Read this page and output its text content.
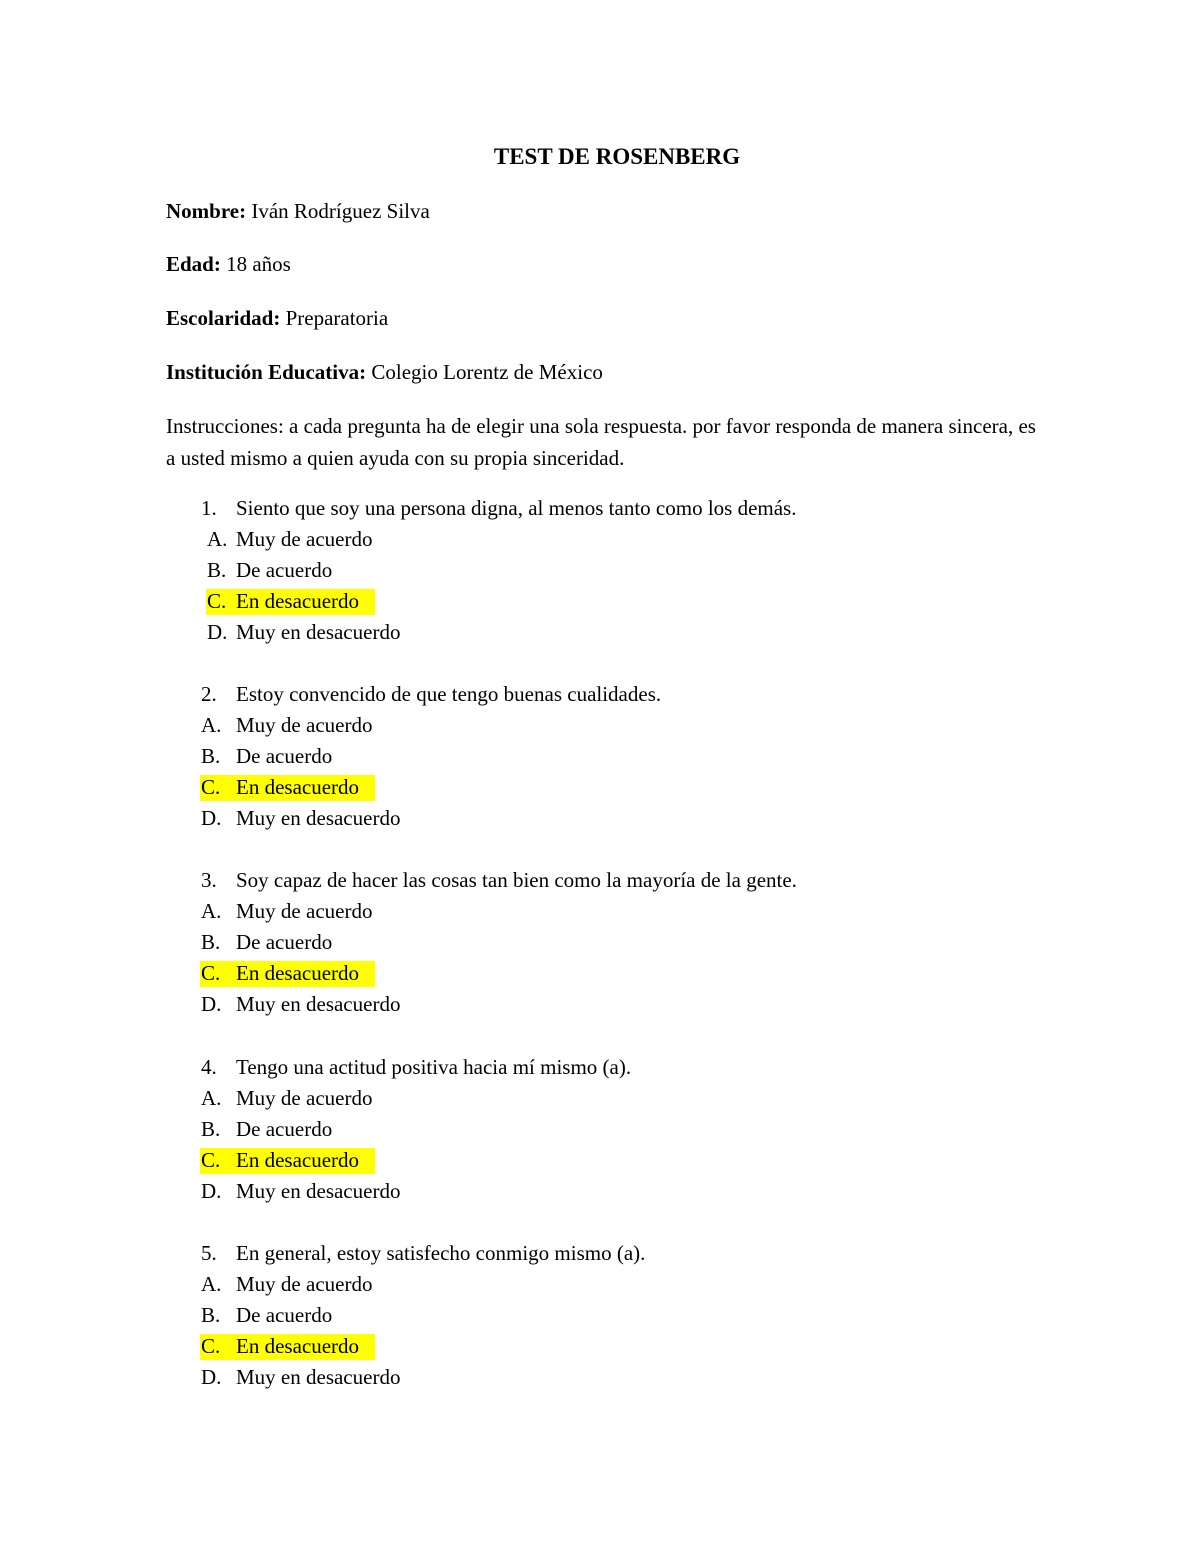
TEST DE ROSENBERG
Nombre: Iván Rodríguez Silva
Edad: 18 años
Escolaridad: Preparatoria
Institución Educativa: Colegio Lorentz de México
Instrucciones: a cada pregunta ha de elegir una sola respuesta. por favor responda de manera sincera, es a usted mismo a quien ayuda con su propia sinceridad.
1. Siento que soy una persona digna, al menos tanto como los demás.
A. Muy de acuerdo
B. De acuerdo
C. En desacuerdo
D. Muy en desacuerdo
2. Estoy convencido de que tengo buenas cualidades.
A. Muy de acuerdo
B. De acuerdo
C. En desacuerdo
D. Muy en desacuerdo
3. Soy capaz de hacer las cosas tan bien como la mayoría de la gente.
A. Muy de acuerdo
B. De acuerdo
C. En desacuerdo
D. Muy en desacuerdo
4. Tengo una actitud positiva hacia mí mismo (a).
A. Muy de acuerdo
B. De acuerdo
C. En desacuerdo
D. Muy en desacuerdo
5. En general, estoy satisfecho conmigo mismo (a).
A. Muy de acuerdo
B. De acuerdo
C. En desacuerdo
D. Muy en desacuerdo
